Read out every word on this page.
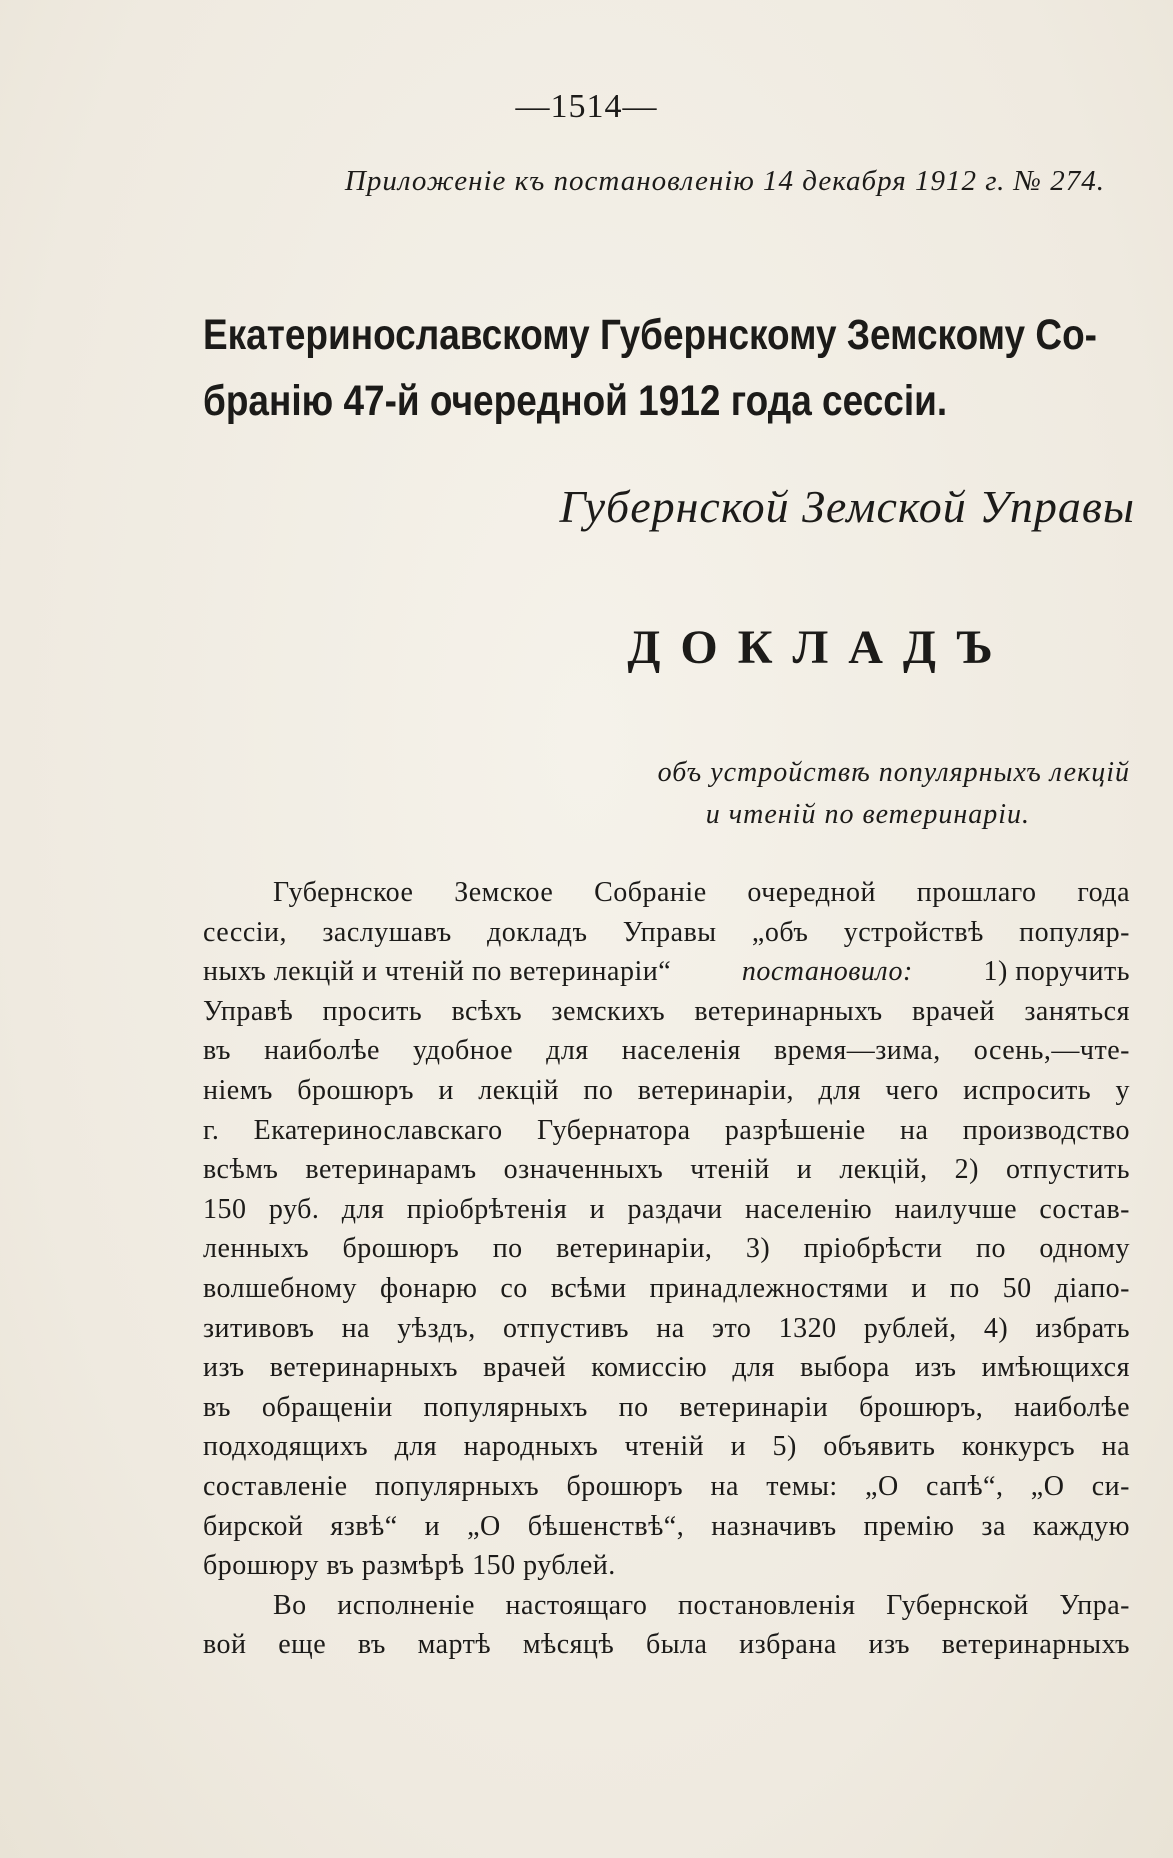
—1514—
Приложеніе къ постановленію 14 декабря 1912 г. № 274.
Екатеринославскому Губернскому Земскому Со-
бранію 47-й очередной 1912 года сессіи.
Губернской Земской Управы
ДОКЛАДЪ
объ устройствѣ популярныхъ лекцій
и чтеній по ветеринаріи.

Губернское Земское Собраніе очередной прошлаго года
сессіи, заслушавъ докладъ Управы „объ устройствѣ популяр-
ныхъ лекцій и чтеній по ветеринаріи“	постановило:	1) поручить
Управѣ просить всѣхъ земскихъ ветеринарныхъ врачей заняться
въ наиболѣе удобное для населенія время—зима, осень,—чте-
ніемъ брошюръ и лекцій по ветеринаріи, для чего испросить у
г. Екатеринославскаго Губернатора разрѣшеніе на производство
всѣмъ ветеринарамъ означенныхъ чтеній и лекцій, 2) отпустить
150 руб. для пріобрѣтенія и раздачи населенію наилучше состав-
ленныхъ брошюръ по ветеринаріи, 3) пріобрѣсти по одному
волшебному фонарю со всѣми принадлежностями и по 50 діапо-
зитивовъ на уѣздъ, отпустивъ на это 1320 рублей, 4) избрать
изъ ветеринарныхъ врачей комиссію для выбора изъ имѣющихся
въ обращеніи популярныхъ по ветеринаріи брошюръ, наиболѣе
подходящихъ для народныхъ чтеній и 5) объявить конкурсъ на
составленіе популярныхъ брошюръ на темы: „О сапѣ“, „О си-
бирской язвѣ“ и „О бѣшенствѣ“, назначивъ премію за каждую
брошюру въ размѣрѣ 150 рублей.

Во исполненіе настоящаго постановленія Губернской Упра-
вой еще въ мартѣ мѣсяцѣ была избрана изъ ветеринарныхъ
